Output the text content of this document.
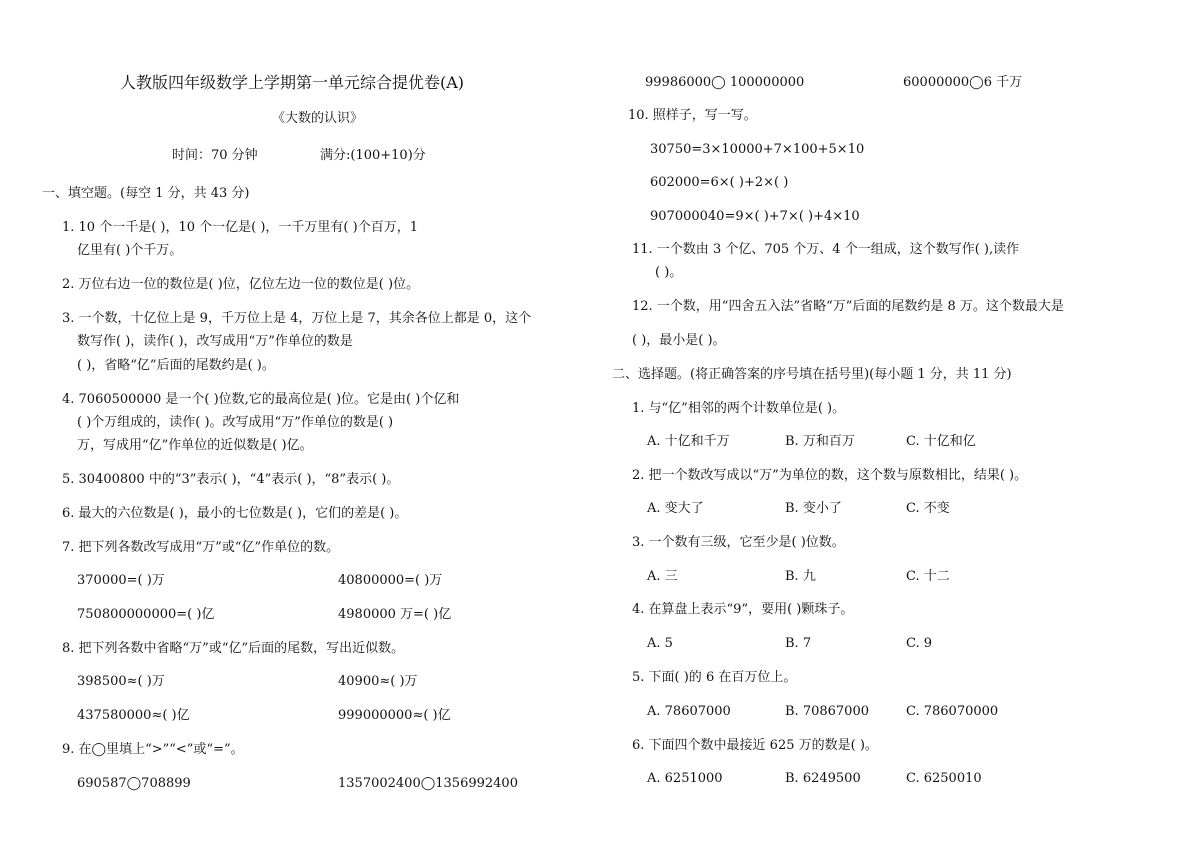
人教版四年级数学上学期第一单元综合提优卷(A)
《大数的认识》
时间：70 分钟	满分:(100+10)分
一、填空题。(每空 1 分，共 43 分)
1. 10 个一千是( )，10 个一亿是( )，一千万里有( )个百万，1
亿里有( )个千万。
2. 万位右边一位的数位是( )位，亿位左边一位的数位是( )位。
3. 一个数，十亿位上是 9，千万位上是 4，万位上是 7，其余各位上都是 0，这个
数写作( )，读作( )，改写成用“万”作单位的数是
( )，省略“亿”后面的尾数约是( )。
4. 7060500000 是一个( )位数,它的最高位是( )位。它是由( )个亿和
( )个万组成的，读作( )。改写成用“万”作单位的数是( )
万，写成用“亿”作单位的近似数是( )亿。
5. 30400800 中的“3”表示( )，“4”表示( )，“8”表示( )。
6. 最大的六位数是( )，最小的七位数是( )，它们的差是( )。
7. 把下列各数改写成用“万”或“亿”作单位的数。
370000=( )万	40800000=( )万
750800000000=( )亿	4980000 万=( )亿
8. 把下列各数中省略“万”或“亿”后面的尾数，写出近似数。
398500≈( )万	40900≈( )万
437580000≈( )亿	999000000≈( )亿
9. 在◯里填上“>”“<”或“=”。
690587◯708899	1357002400◯1356992400
99986000◯ 100000000	60000000◯6 千万
10. 照样子，写一写。
30750=3×10000+7×100+5×10
602000=6×( )+2×( )
907000040=9×( )+7×( )+4×10
11. 一个数由 3 个亿、705 个万、4 个一组成，这个数写作( ),读作
( )。
12. 一个数，用“四舍五入法”省略“万”后面的尾数约是 8 万。这个数最大是
( )，最小是( )。
二、选择题。(将正确答案的序号填在括号里)(每小题 1 分，共 11 分)
1. 与“亿”相邻的两个计数单位是( )。
A. 十亿和千万	B. 万和百万	C. 十亿和亿
2. 把一个数改写成以“万”为单位的数，这个数与原数相比，结果( )。
A. 变大了	B. 变小了	C. 不变
3. 一个数有三级，它至少是( )位数。
A. 三	B. 九	C. 十二
4. 在算盘上表示“9”，要用( )颗珠子。
A. 5	B. 7	C. 9
5. 下面( )的 6 在百万位上。
A. 78607000	B. 70867000	C. 786070000
6. 下面四个数中最接近 625 万的数是( )。
A. 6251000	B. 6249500	C. 6250010
